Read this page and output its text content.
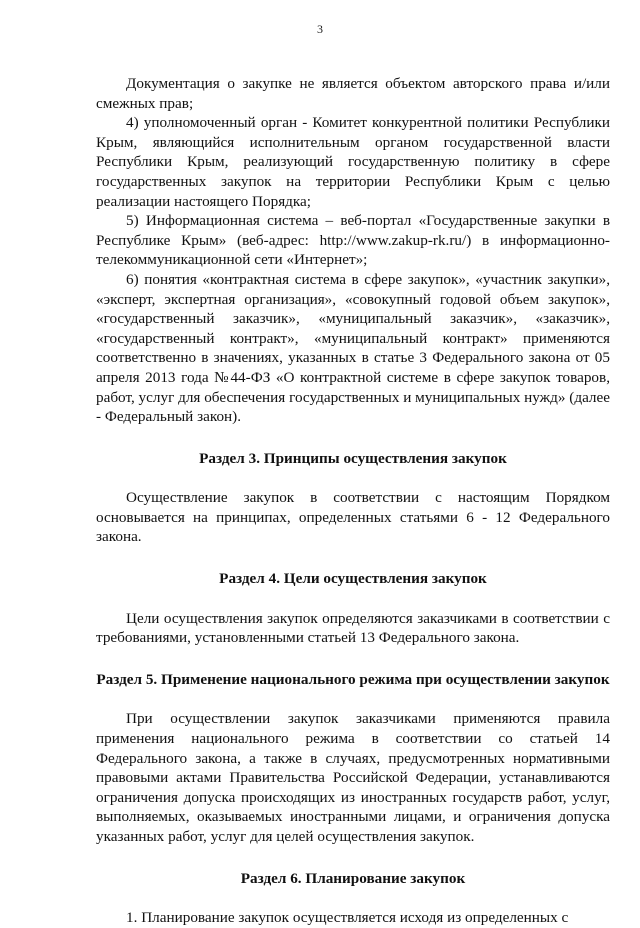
3

Документация о закупке не является объектом авторского права и/или смежных прав;

4) уполномоченный орган - Комитет конкурентной политики Республики Крым, являющийся исполнительным органом государственной власти Республики Крым, реализующий государственную политику в сфере государственных закупок на территории Республики Крым с целью реализации настоящего Порядка;

5) Информационная система – веб-портал «Государственные закупки в Республике Крым» (веб-адрес: http://www.zakup-rk.ru/) в информационно-телекоммуникационной сети «Интернет»;

6) понятия «контрактная система в сфере закупок», «участник закупки», «эксперт, экспертная организация», «совокупный годовой объем закупок», «государственный заказчик», «муниципальный заказчик», «заказчик», «государственный контракт», «муниципальный контракт» применяются соответственно в значениях, указанных в статье 3 Федерального закона от 05 апреля 2013 года №44-ФЗ «О контрактной системе в сфере закупок товаров, работ, услуг для обеспечения государственных и муниципальных нужд» (далее - Федеральный закон).

Раздел 3. Принципы осуществления закупок

Осуществление закупок в соответствии с настоящим Порядком основывается на принципах, определенных статьями 6 - 12 Федерального закона.

Раздел 4. Цели осуществления закупок

Цели осуществления закупок определяются заказчиками в соответствии с требованиями, установленными статьей 13 Федерального закона.

Раздел 5. Применение национального режима при осуществлении закупок

При осуществлении закупок заказчиками применяются правила применения национального режима в соответствии со статьей 14 Федерального закона, а также в случаях, предусмотренных нормативными правовыми актами Правительства Российской Федерации, устанавливаются ограничения допуска происходящих из иностранных государств работ, услуг, выполняемых, оказываемых иностранными лицами, и ограничения допуска указанных работ, услуг для целей осуществления закупок.

Раздел 6. Планирование закупок

1. Планирование закупок осуществляется исходя из определенных с
